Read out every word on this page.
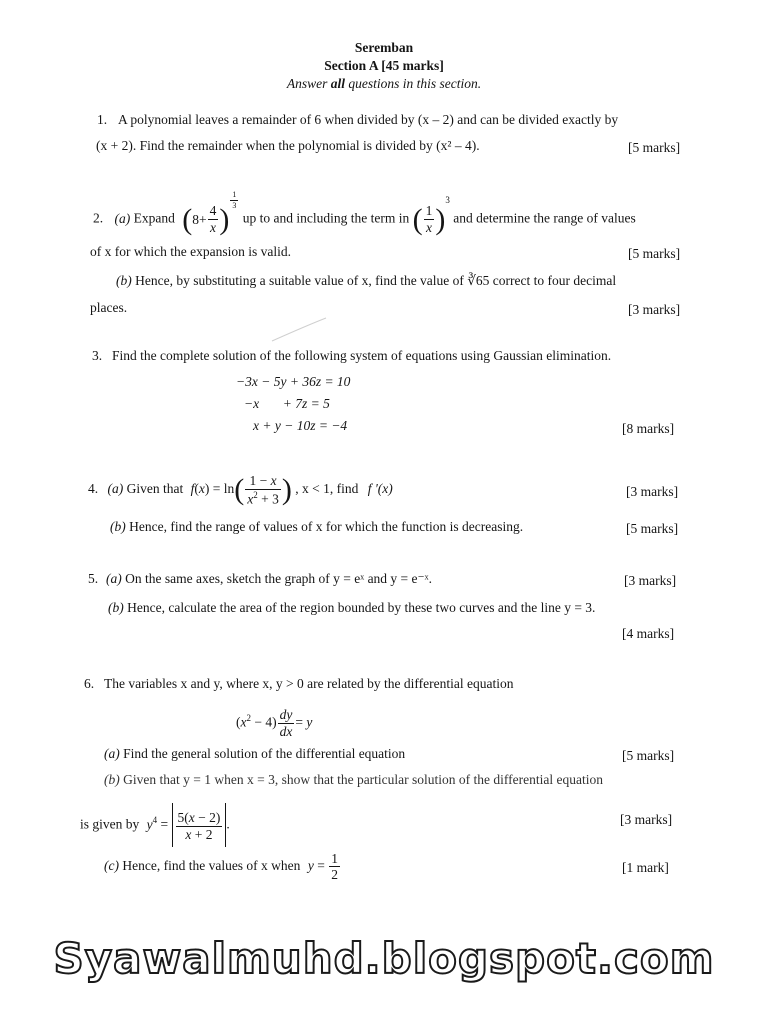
Seremban
Section A [45 marks]
Answer all questions in this section.
1. A polynomial leaves a remainder of 6 when divided by (x – 2) and can be divided exactly by
(x + 2). Find the remainder when the polynomial is divided by (x² – 4).	[5 marks]
2. (a) Expand ($8+ \frac{4}{x}$ )
$^{\frac{1}{3}}$
up to and including the term in ( $\frac{1}{x} )^3$ and determine the range of values
of x for which the expansion is valid.	[5 marks]
(b) Hence, by substituting a suitable value of x, find the value of ∛65 correct to four decimal
places.	[3 marks]
3. Find the complete solution of the following system of equations using Gaussian elimination.
−3x − 5y + 36z = 10
−x       + 7z = 5
x + y − 10z = −4	[8 marks]
4. (a) Given that $f(x) = \ln( \frac{1 - x}{x^2 + 3}$ ) , x < 1, find f '(x)	[3 marks]
(b) Hence, find the range of values of x for which the function is decreasing.	[5 marks]
5. (a) On the same axes, sketch the graph of y = eˣ and y = e⁻ˣ.	[3 marks]
(b) Hence, calculate the area of the region bounded by these two curves and the line y = 3.
[4 marks]
6. The variables x and y, where x, y > 0 are related by the differential equation
$(x^2 - 4) \frac{dy}{dx} = y$
(a) Find the general solution of the differential equation	[5 marks]
(b) Given that y = 1 when x = 3, show that the particular solution of the differential equation
is given by $y^4 = \frac{5(x - 2)}{x + 2}$ .	[3 marks]
(c) Hence, find the values of x when $y = \frac{1}{2}$	[1 mark]
Syawalmuhd.blogspot.com
